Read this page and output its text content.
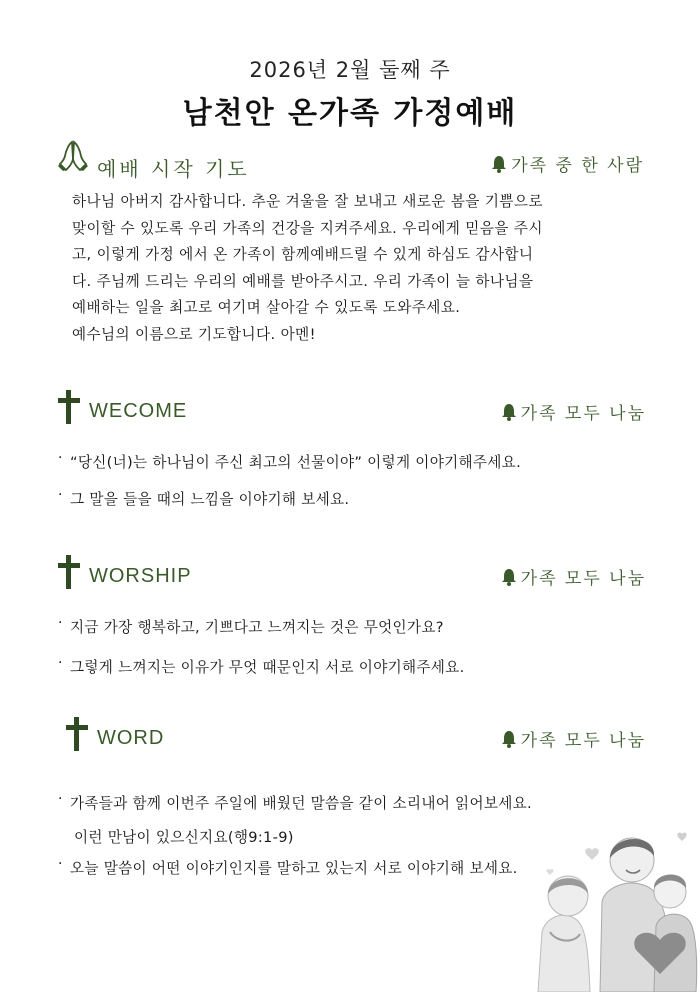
2026년 2월 둘째 주
남천안 온가족 가정예배
예배 시작 기도	가족 중 한 사람
하나님 아버지 감사합니다. 추운 겨울을 잘 보내고 새로운 봄을 기쁨으로
맞이할 수 있도록 우리 가족의 건강을 지켜주세요. 우리에게 믿음을 주시
고, 이렇게 가정 에서 온 가족이 함께예배드릴 수 있게 하심도 감사합니
다. 주님께 드리는 우리의 예배를 받아주시고. 우리 가족이 늘 하나님을
예배하는 일을 최고로 여기며 살아갈 수 있도록 도와주세요.
예수님의 이름으로 기도합니다. 아멘!
WECOME	가족 모두 나눔
· “당신(너)는 하나님이 주신 최고의 선물이야” 이렇게 이야기해주세요.
· 그 말을 들을 때의 느낌을 이야기해 보세요.
WORSHIP	가족 모두 나눔
· 지금 가장 행복하고, 기쁘다고 느껴지는 것은 무엇인가요?
· 그렇게 느껴지는 이유가 무엇 때문인지 서로 이야기해주세요.
WORD	가족 모두 나눔
· 가족들과 함께 이번주 주일에 배웠던 말씀을 같이 소리내어 읽어보세요.
이런 만남이 있으신지요(행9:1-9)
· 오늘 말씀이 어떤 이야기인지를 말하고 있는지 서로 이야기해 보세요.
